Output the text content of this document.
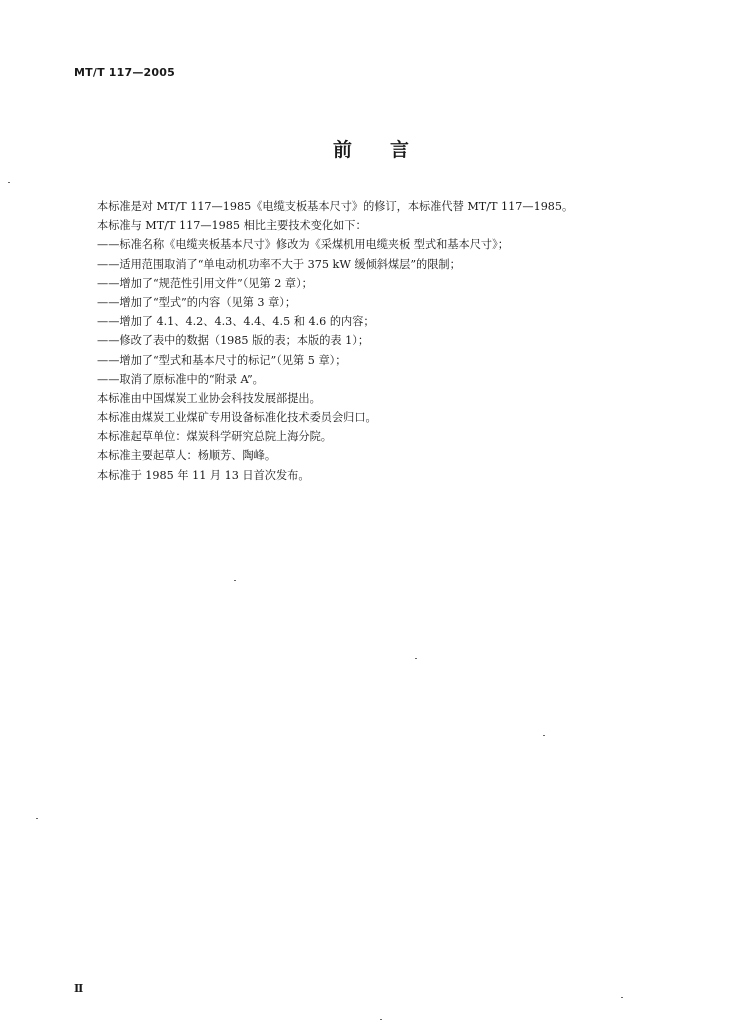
MT/T 117—2005
前　　言
本标准是对 MT/T 117—1985《电缆支板基本尺寸》的修订，本标准代替 MT/T 117—1985。
本标准与 MT/T 117—1985 相比主要技术变化如下：
——标准名称《电缆夹板基本尺寸》修改为《采煤机用电缆夹板 型式和基本尺寸》；
——适用范围取消了“单电动机功率不大于 375 kW 缓倾斜煤层”的限制；
——增加了“规范性引用文件”（见第 2 章）；
——增加了“型式”的内容（见第 3 章）；
——增加了 4.1、4.2、4.3、4.4、4.5 和 4.6 的内容；
——修改了表中的数据（1985 版的表；本版的表 1）；
——增加了“型式和基本尺寸的标记”（见第 5 章）；
——取消了原标准中的“附录 A”。
本标准由中国煤炭工业协会科技发展部提出。
本标准由煤炭工业煤矿专用设备标准化技术委员会归口。
本标准起草单位：煤炭科学研究总院上海分院。
本标准主要起草人：杨顺芳、陶峰。
本标准于 1985 年 11 月 13 日首次发布。
Ⅱ
